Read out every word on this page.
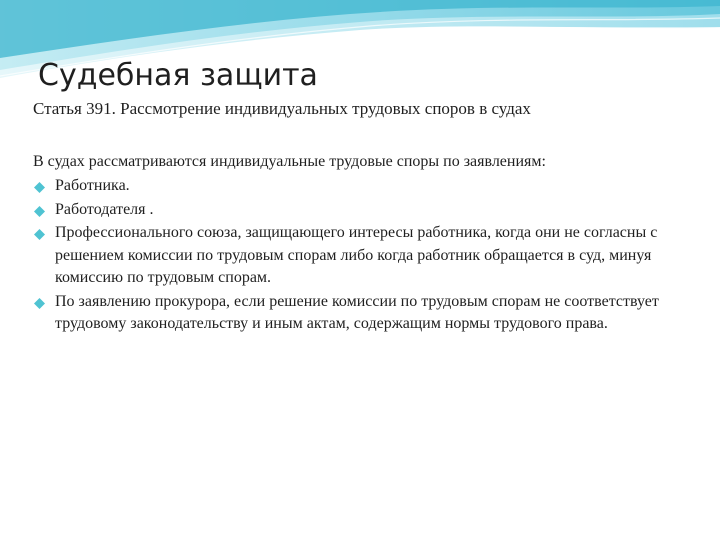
Судебная защита
Статья 391. Рассмотрение индивидуальных трудовых споров в судах
В судах рассматриваются индивидуальные трудовые споры по заявлениям:
Работника.
Работодателя .
Профессионального союза, защищающего интересы работника, когда они не согласны с решением комиссии по трудовым спорам либо когда работник обращается в суд, минуя комиссию по трудовым спорам.
По заявлению прокурора, если решение комиссии по трудовым спорам не соответствует трудовому законодательству и иным актам, содержащим нормы трудового права.
